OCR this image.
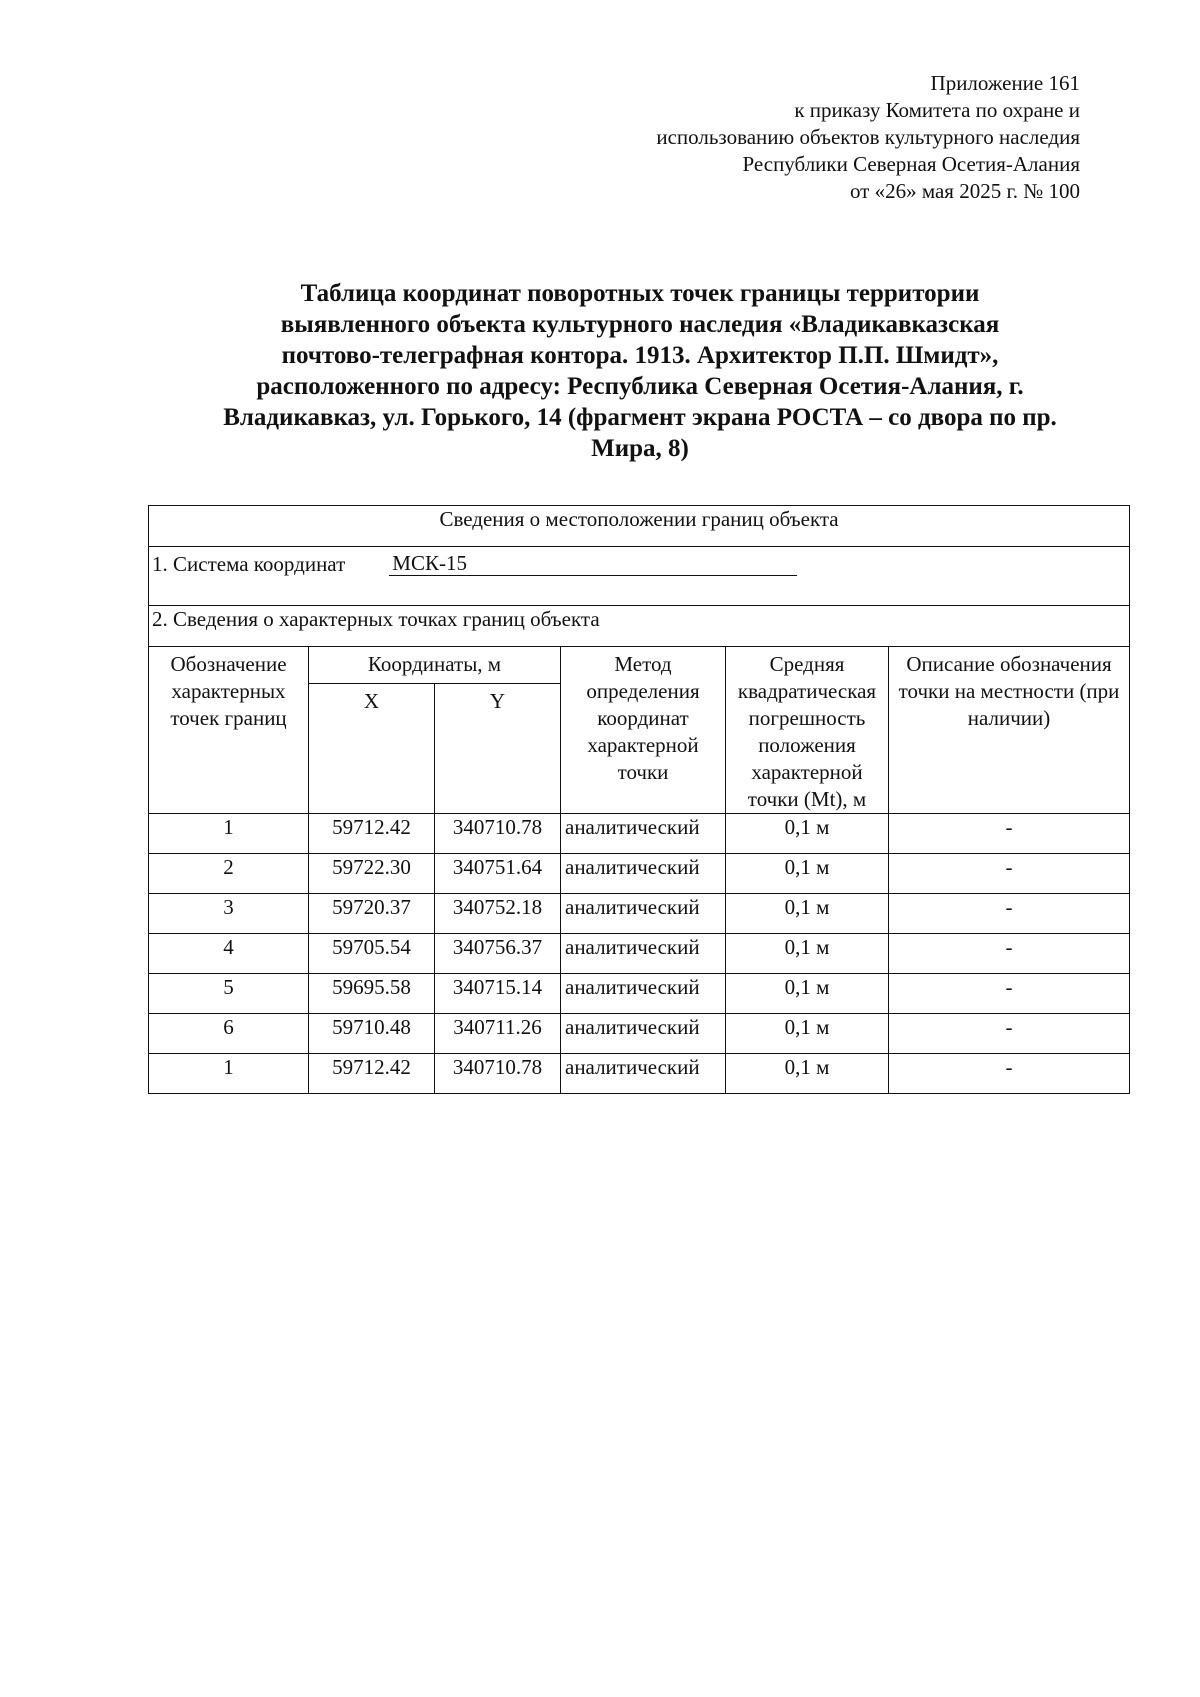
Приложение 161
к приказу Комитета по охране и
использованию объектов культурного наследия
Республики Северная Осетия-Алания
от «26» мая 2025 г. № 100
Таблица координат поворотных точек границы территории
выявленного объекта культурного наследия «Владикавказская
почтово-телеграфная контора. 1913. Архитектор П.П. Шмидт»,
расположенного по адресу: Республика Северная Осетия-Алания, г.
Владикавказ, ул. Горького, 14 (фрагмент экрана РОСТА – со двора по пр.
Мира, 8)
Сведения о местоположении границ объекта					

1. Система координат МСК-15					

2. Сведения о характерных точках границ объекта					
Обозначение характерных точек границ	Координаты, м		Метод определения координат характерной точки	Средняя квадратическая погрешность положения характерной точки (Mt), м	Описание обозначения точки на местности (при наличии)
	X	Y			
1	59712.42	340710.78	аналитический	0,1 м	-
2	59722.30	340751.64	аналитический	0,1 м	-
3	59720.37	340752.18	аналитический	0,1 м	-
4	59705.54	340756.37	аналитический	0,1 м	-
5	59695.58	340715.14	аналитический	0,1 м	-
6	59710.48	340711.26	аналитический	0,1 м	-
1	59712.42	340710.78	аналитический	0,1 м	-
